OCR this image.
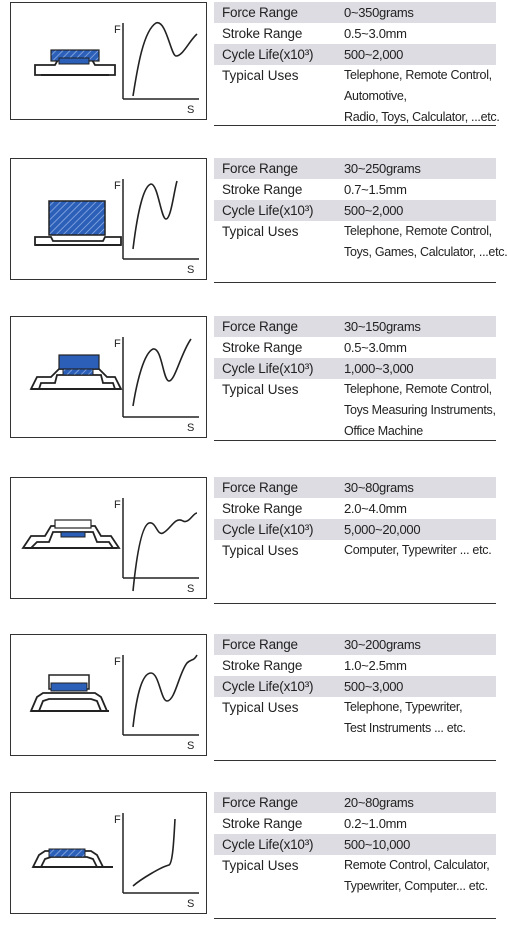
F
S
Force Range	0~350grams
Stroke Range	0.5~3.0mm
Cycle Life(x10³) 500~2,000
Typical Uses	Telephone, Remote Control,
Automotive,
Radio, Toys, Calculator, ...etc.
F
S
Force Range	30~250grams
Stroke Range	0.7~1.5mm
Cycle Life(x10³) 500~2,000
Typical Uses	Telephone, Remote Control,
Toys, Games, Calculator, ...etc.
F
S
Force Range	30~150grams
Stroke Range	0.5~3.0mm
Cycle Life(x10³) 1,000~3,000
Typical Uses	Telephone, Remote Control,
Toys Measuring Instruments,
Office Machine
F
S
Force Range	30~80grams
Stroke Range	2.0~4.0mm
Cycle Life(x10³) 5,000~20,000
Typical Uses	Computer, Typewriter ... etc.
F
S
Force Range	30~200grams
Stroke Range	1.0~2.5mm
Cycle Life(x10³) 500~3,000
Typical Uses	Telephone, Typewriter,
Test Instruments ... etc.
F
S
Force Range	20~80grams
Stroke Range	0.2~1.0mm
Cycle Life(x10³) 500~10,000
Typical Uses	Remote Control, Calculator,
Typewriter, Computer... etc.
